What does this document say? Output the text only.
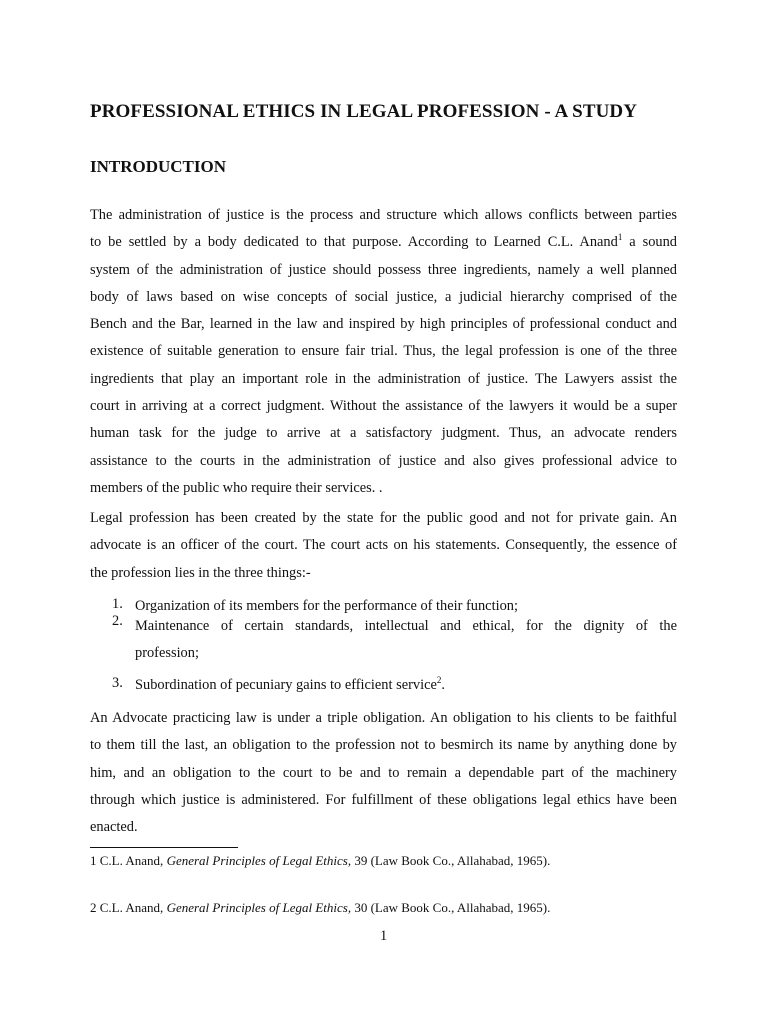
PROFESSIONAL ETHICS IN LEGAL PROFESSION - A STUDY
INTRODUCTION
The administration of justice is the process and structure which allows conflicts between parties
to be settled by a body dedicated to that purpose. According to Learned C.L. Anand$^1$ a sound
system of the administration of justice should possess three ingredients, namely a well planned
body of laws based on wise concepts of social justice, a judicial hierarchy comprised of the
Bench and the Bar, learned in the law and inspired by high principles of professional conduct and
existence of suitable generation to ensure fair trial. Thus, the legal profession is one of the three
ingredients that play an important role in the administration of justice. The Lawyers assist the
court in arriving at a correct judgment. Without the assistance of the lawyers it would be a super
human task for the judge to arrive at a satisfactory judgment. Thus, an advocate renders
assistance to the courts in the administration of justice and also gives professional advice to
members of the public who require their services. .
Legal profession has been created by the state for the public good and not for private gain. An
advocate is an officer of the court. The court acts on his statements. Consequently, the essence of
the profession lies in the three things:-
1. Organization of its members for the performance of their function;
2. Maintenance of certain standards, intellectual and ethical, for the dignity of the
profession;
3. Subordination of pecuniary gains to efficient service$^2$.
An Advocate practicing law is under a triple obligation. An obligation to his clients to be faithful
to them till the last, an obligation to the profession not to besmirch its name by anything done by
him, and an obligation to the court to be and to remain a dependable part of the machinery
through which justice is administered. For fulfillment of these obligations legal ethics have been
enacted.
1 C.L. Anand, General Principles of Legal Ethics, 39 (Law Book Co., Allahabad, 1965).
2 C.L. Anand, General Principles of Legal Ethics, 30 (Law Book Co., Allahabad, 1965).
1
